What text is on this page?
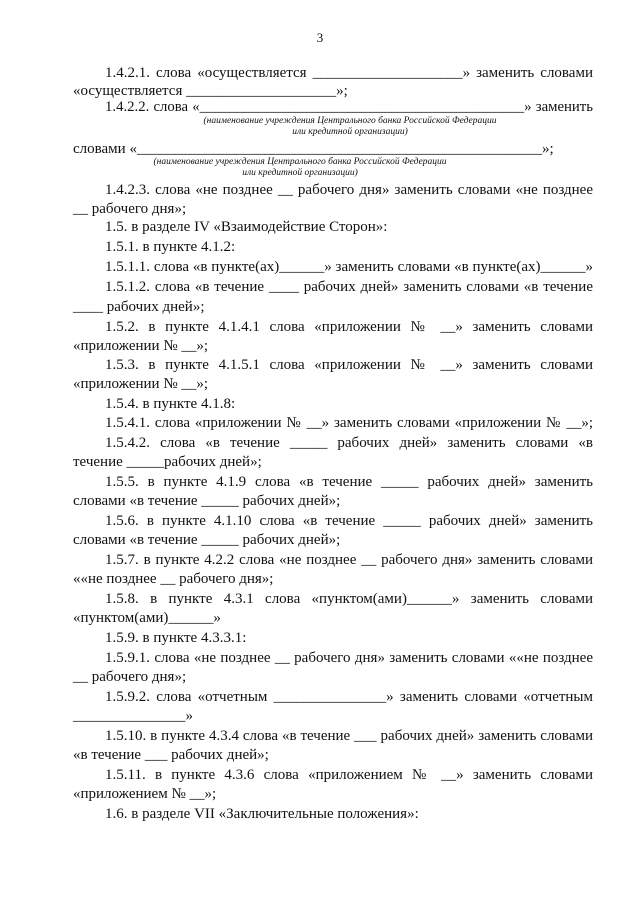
3
1.4.2.1. слова «осуществляется ____________________» заменить словами
«осуществляется ____________________»;
1.4.2.2. слова «____________________________________________» заменить
(наименование учреждения Центрального банка Российской Федерации
или кредитной организации)
словами «______________________________________________________»;
(наименование учреждения Центрального банка Российской Федерации
или кредитной организации)
1.4.2.3. слова «не позднее __ рабочего дня» заменить словами «не позднее
__ рабочего дня»;
1.5. в разделе IV «Взаимодействие Сторон»:
1.5.1. в пункте 4.1.2:
1.5.1.1. слова «в пункте(ах)______» заменить словами «в пункте(ах)______»
1.5.1.2. слова «в течение ____ рабочих дней» заменить словами «в течение
____ рабочих дней»;
1.5.2. в пункте 4.1.4.1 слова «приложении № __» заменить словами
«приложении № __»;
1.5.3. в пункте 4.1.5.1 слова «приложении № __» заменить словами
«приложении № __»;
1.5.4. в пункте 4.1.8:
1.5.4.1. слова «приложении № __» заменить словами «приложении № __»;
1.5.4.2. слова «в течение _____ рабочих дней» заменить словами «в
течение _____рабочих дней»;
1.5.5. в пункте 4.1.9 слова «в течение _____ рабочих дней» заменить
словами «в течение _____ рабочих дней»;
1.5.6. в пункте 4.1.10 слова «в течение _____ рабочих дней» заменить
словами «в течение _____ рабочих дней»;
1.5.7. в пункте 4.2.2 слова «не позднее __ рабочего дня» заменить словами
««не позднее __ рабочего дня»;
1.5.8. в пункте 4.3.1 слова «пунктом(ами)______» заменить словами
«пунктом(ами)______»
1.5.9. в пункте 4.3.3.1:
1.5.9.1. слова «не позднее __ рабочего дня» заменить словами ««не позднее
__ рабочего дня»;
1.5.9.2. слова «отчетным _______________» заменить словами «отчетным
_______________»
1.5.10. в пункте 4.3.4 слова «в течение ___ рабочих дней» заменить словами
«в течение ___ рабочих дней»;
1.5.11. в пункте 4.3.6 слова «приложением № __» заменить словами
«приложением № __»;
1.6. в разделе VII «Заключительные положения»:
